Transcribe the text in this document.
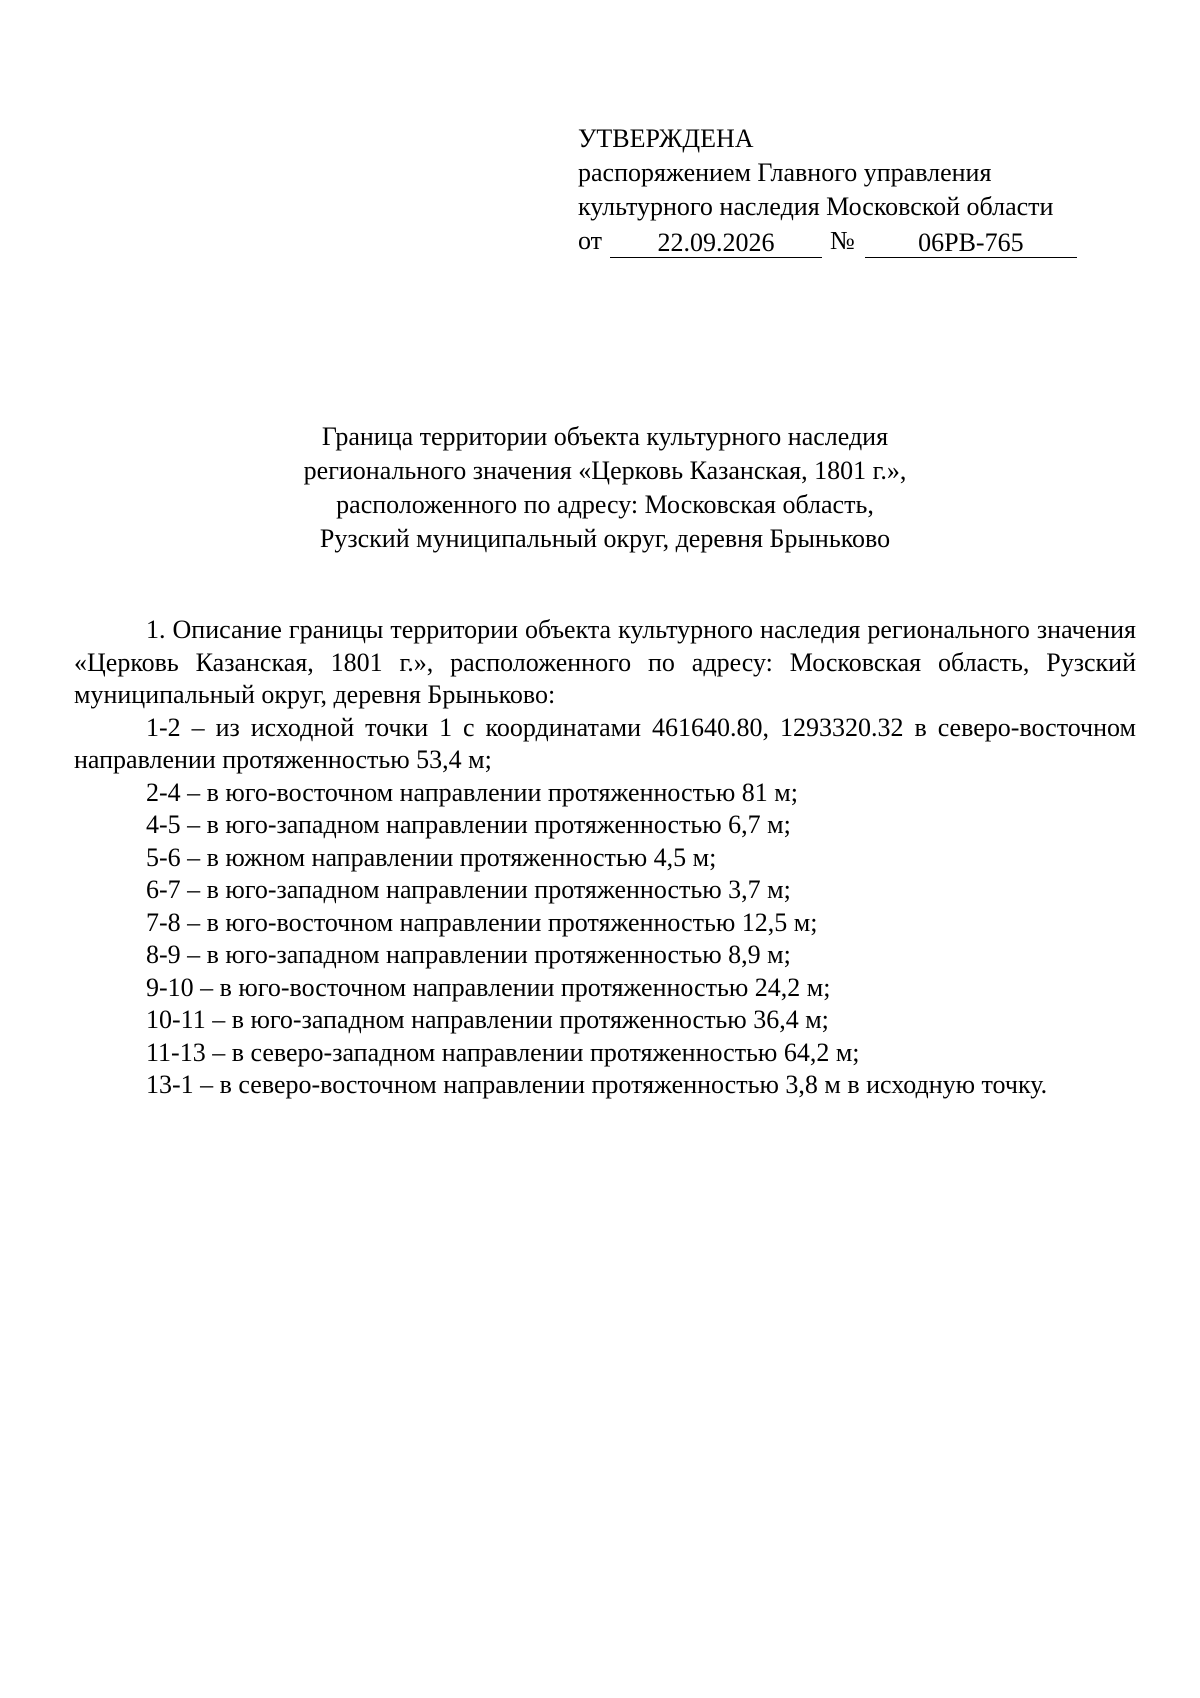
УТВЕРЖДЕНА
распоряжением Главного управления
культурного наследия Московской области
от	22.09.2026	№	06РВ-765
Граница территории объекта культурного наследия
регионального значения «Церковь Казанская, 1801 г.»,
расположенного по адресу: Московская область,
Рузский муниципальный округ, деревня Брыньково

1. Описание границы территории объекта культурного наследия регионального значения «Церковь Казанская, 1801 г.», расположенного по адресу: Московская область, Рузский муниципальный округ, деревня Брыньково:

1-2 – из исходной точки 1 с координатами 461640.80, 1293320.32 в северо-восточном направлении протяженностью 53,4 м;

2-4 – в юго-восточном направлении протяженностью 81 м;

4-5 – в юго-западном направлении протяженностью 6,7 м;

5-6 – в южном направлении протяженностью 4,5 м;

6-7 – в юго-западном направлении протяженностью 3,7 м;

7-8 – в юго-восточном направлении протяженностью 12,5 м;

8-9 – в юго-западном направлении протяженностью 8,9 м;

9-10 – в юго-восточном направлении протяженностью 24,2 м;

10-11 – в юго-западном направлении протяженностью 36,4 м;

11-13 – в северо-западном направлении протяженностью 64,2 м;

13-1 – в северо-восточном направлении протяженностью 3,8 м в исходную точку.
